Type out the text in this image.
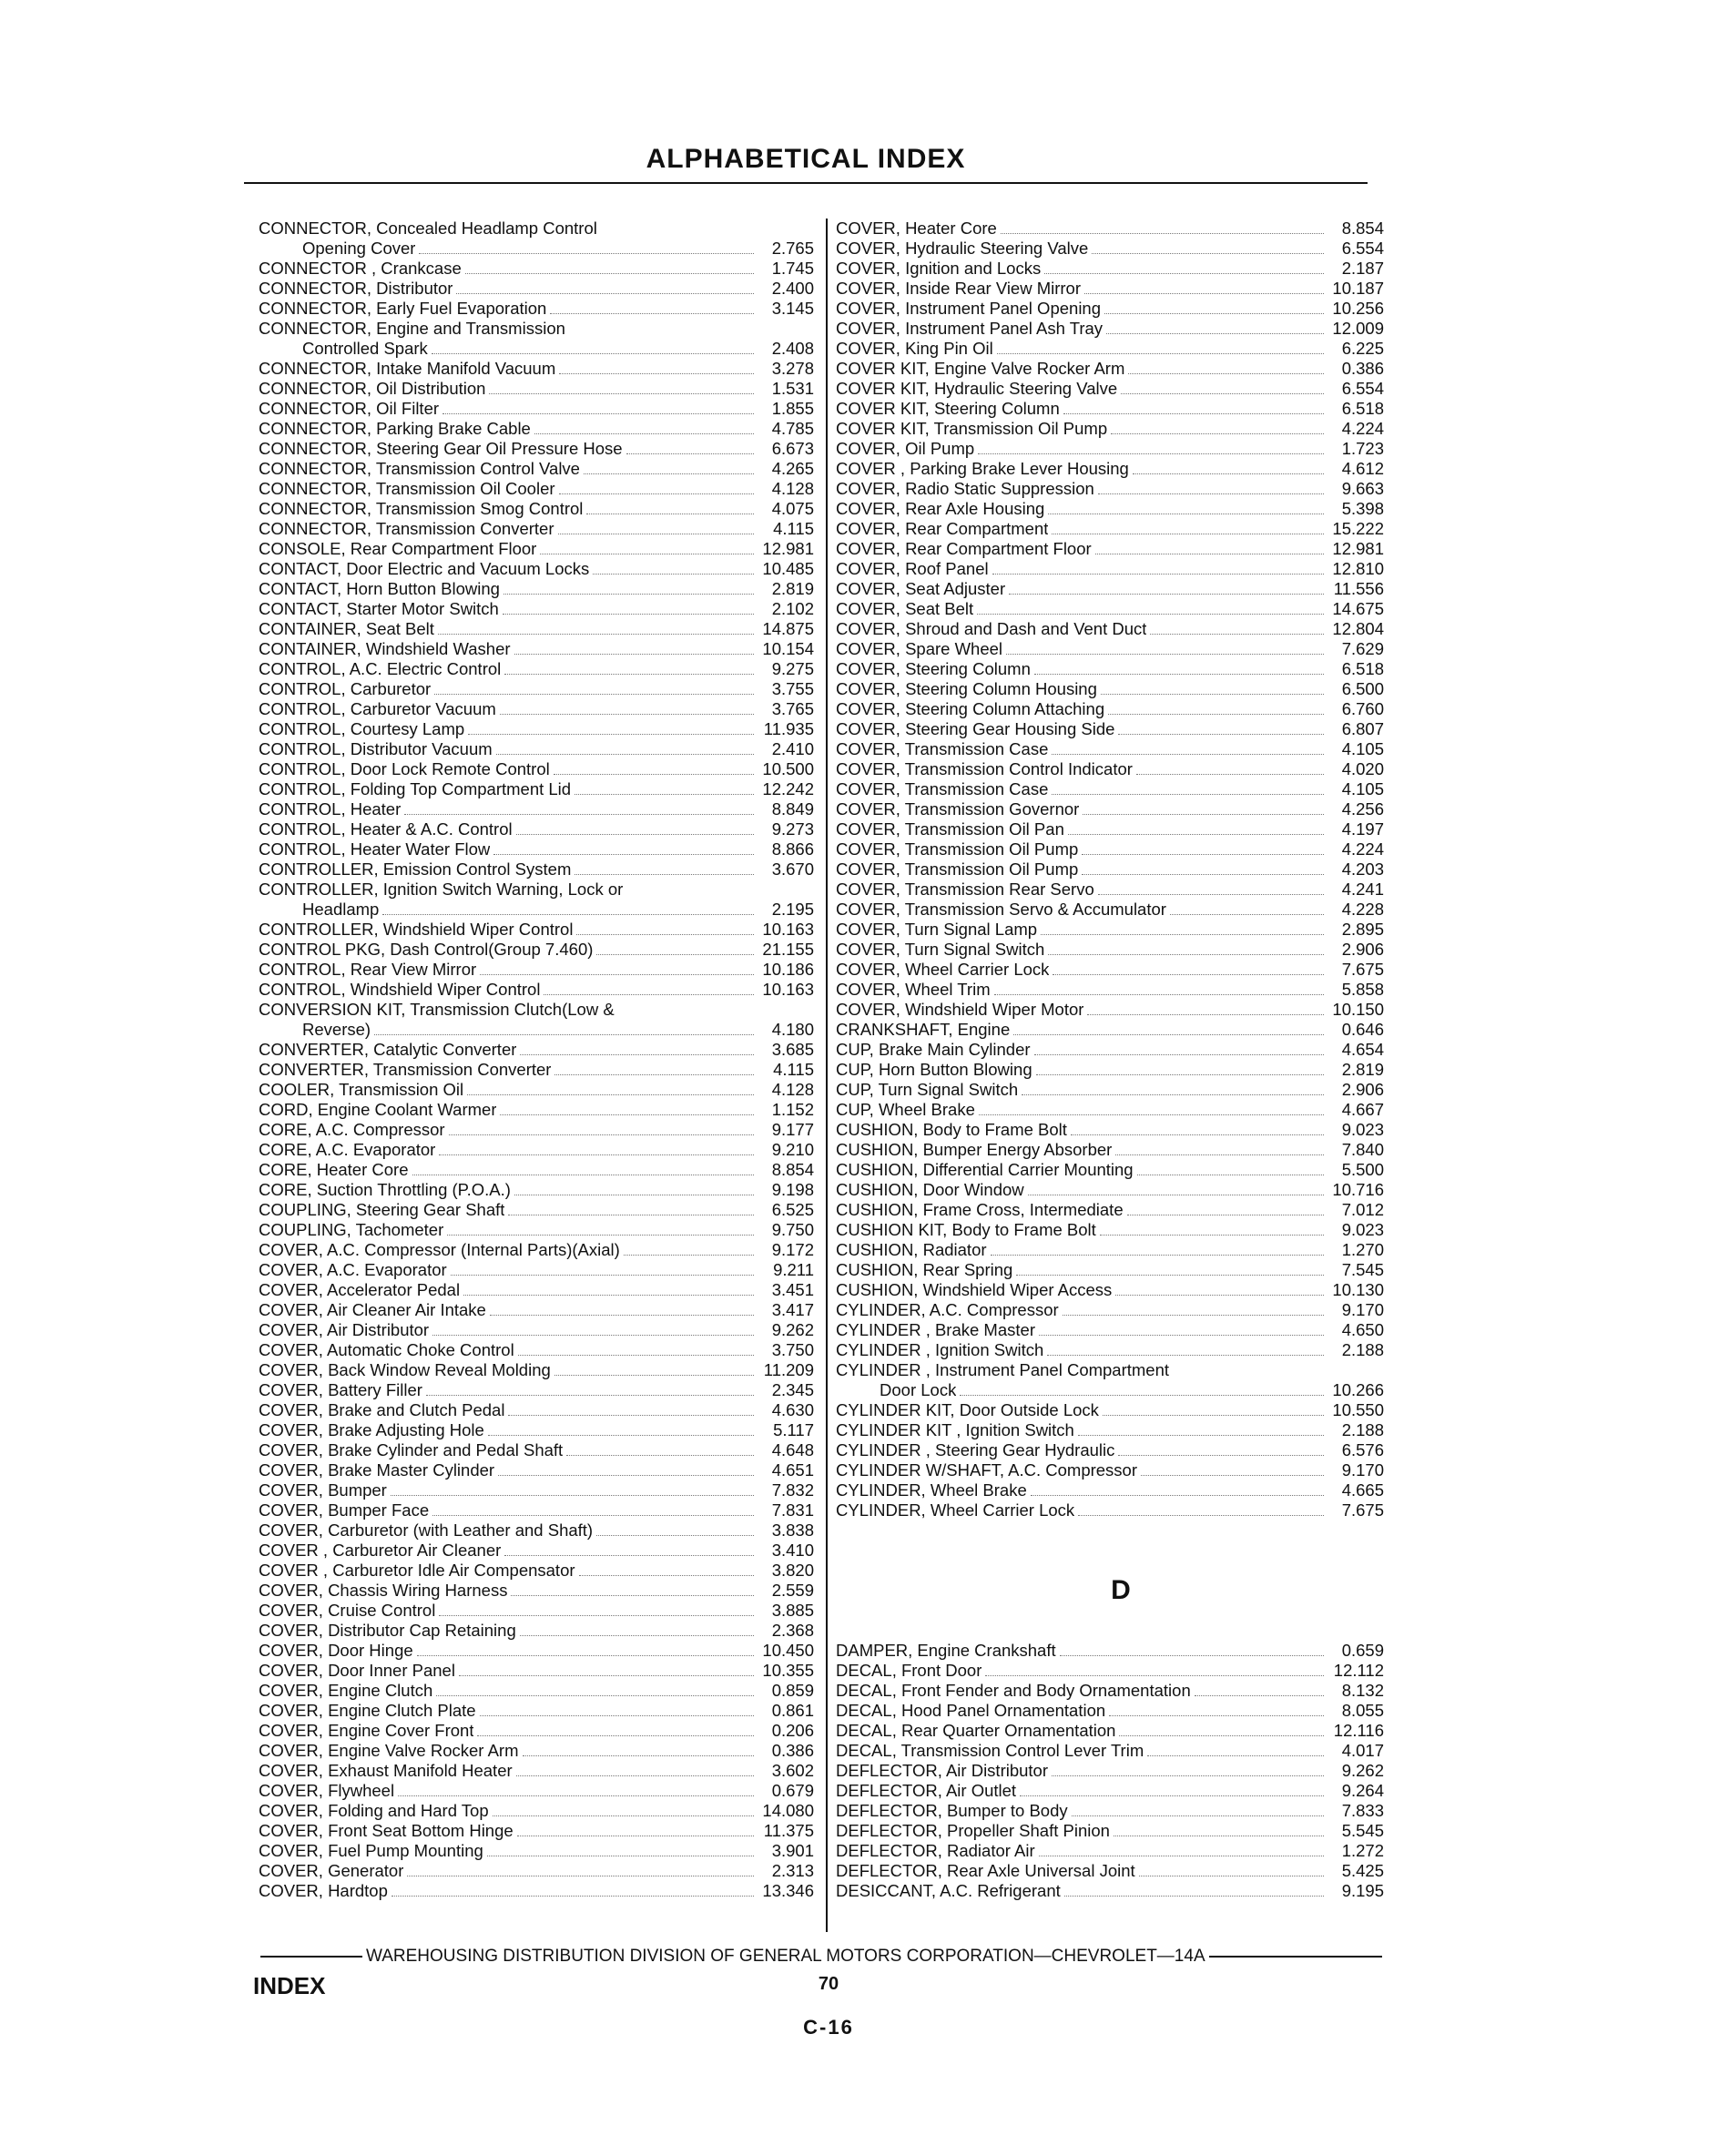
ALPHABETICAL INDEX
CONNECTOR, Concealed Headlamp Control
Opening Cover	2.765
CONNECTOR , Crankcase	1.745
CONNECTOR, Distributor	2.400
CONNECTOR, Early Fuel Evaporation	3.145
CONNECTOR, Engine and Transmission
Controlled Spark	2.408
CONNECTOR, Intake Manifold Vacuum	3.278
CONNECTOR, Oil Distribution	1.531
CONNECTOR, Oil Filter	1.855
CONNECTOR, Parking Brake Cable	4.785
CONNECTOR, Steering Gear Oil Pressure Hose	6.673
CONNECTOR, Transmission Control Valve	4.265
CONNECTOR, Transmission Oil Cooler	4.128
CONNECTOR, Transmission Smog Control	4.075
CONNECTOR, Transmission Converter	4.115
CONSOLE, Rear Compartment Floor	12.981
CONTACT, Door Electric and Vacuum Locks	10.485
CONTACT, Horn Button Blowing	2.819
CONTACT, Starter Motor Switch	2.102
CONTAINER, Seat Belt	14.875
CONTAINER, Windshield Washer	10.154
CONTROL, A.C. Electric Control	9.275
CONTROL, Carburetor	3.755
CONTROL, Carburetor Vacuum	3.765
CONTROL, Courtesy Lamp	11.935
CONTROL, Distributor Vacuum	2.410
CONTROL, Door Lock Remote Control	10.500
CONTROL, Folding Top Compartment Lid	12.242
CONTROL, Heater	8.849
CONTROL, Heater & A.C. Control	9.273
CONTROL, Heater Water Flow	8.866
CONTROLLER, Emission Control System	3.670
CONTROLLER, Ignition Switch Warning, Lock or
Headlamp	2.195
CONTROLLER, Windshield Wiper Control	10.163
CONTROL PKG, Dash Control(Group 7.460)	21.155
CONTROL, Rear View Mirror	10.186
CONTROL, Windshield Wiper Control	10.163
CONVERSION KIT, Transmission Clutch(Low &
Reverse)	4.180
CONVERTER, Catalytic Converter	3.685
CONVERTER, Transmission Converter	4.115
COOLER, Transmission Oil	4.128
CORD, Engine Coolant Warmer	1.152
CORE, A.C. Compressor	9.177
CORE, A.C. Evaporator	9.210
CORE, Heater Core	8.854
CORE, Suction Throttling (P.O.A.)	9.198
COUPLING, Steering Gear Shaft	6.525
COUPLING, Tachometer	9.750
COVER, A.C. Compressor (Internal Parts)(Axial)	9.172
COVER, A.C. Evaporator	9.211
COVER, Accelerator Pedal	3.451
COVER, Air Cleaner Air Intake	3.417
COVER, Air Distributor	9.262
COVER, Automatic Choke Control	3.750
COVER, Back Window Reveal Molding	11.209
COVER, Battery Filler	2.345
COVER, Brake and Clutch Pedal	4.630
COVER, Brake Adjusting Hole	5.117
COVER, Brake Cylinder and Pedal Shaft	4.648
COVER, Brake Master Cylinder	4.651
COVER, Bumper	7.832
COVER, Bumper Face	7.831
COVER, Carburetor (with Leather and Shaft)	3.838
COVER , Carburetor Air Cleaner	3.410
COVER , Carburetor Idle Air Compensator	3.820
COVER, Chassis Wiring Harness	2.559
COVER, Cruise Control	3.885
COVER, Distributor Cap Retaining	2.368
COVER, Door Hinge	10.450
COVER, Door Inner Panel	10.355
COVER, Engine Clutch	0.859
COVER, Engine Clutch Plate	0.861
COVER, Engine Cover Front	0.206
COVER, Engine Valve Rocker Arm	0.386
COVER, Exhaust Manifold Heater	3.602
COVER, Flywheel	0.679
COVER, Folding and Hard Top	14.080
COVER, Front Seat Bottom Hinge	11.375
COVER, Fuel Pump Mounting	3.901
COVER, Generator	2.313
COVER, Hardtop	13.346
COVER, Heater Core	8.854
COVER, Hydraulic Steering Valve	6.554
COVER, Ignition and Locks	2.187
COVER, Inside Rear View Mirror	10.187
COVER, Instrument Panel Opening	10.256
COVER, Instrument Panel Ash Tray	12.009
COVER, King Pin Oil	6.225
COVER KIT, Engine Valve Rocker Arm	0.386
COVER KIT, Hydraulic Steering Valve	6.554
COVER KIT, Steering Column	6.518
COVER KIT, Transmission Oil Pump	4.224
COVER, Oil Pump	1.723
COVER , Parking Brake Lever Housing	4.612
COVER, Radio Static Suppression	9.663
COVER, Rear Axle Housing	5.398
COVER, Rear Compartment	15.222
COVER, Rear Compartment Floor	12.981
COVER, Roof Panel	12.810
COVER, Seat Adjuster	11.556
COVER, Seat Belt	14.675
COVER, Shroud and Dash and Vent Duct	12.804
COVER, Spare Wheel	7.629
COVER, Steering Column	6.518
COVER, Steering Column Housing	6.500
COVER, Steering Column Attaching	6.760
COVER, Steering Gear Housing Side	6.807
COVER, Transmission Case	4.105
COVER, Transmission Control Indicator	4.020
COVER, Transmission Case	4.105
COVER, Transmission Governor	4.256
COVER, Transmission Oil Pan	4.197
COVER, Transmission Oil Pump	4.224
COVER, Transmission Oil Pump	4.203
COVER, Transmission Rear Servo	4.241
COVER, Transmission Servo & Accumulator	4.228
COVER, Turn Signal Lamp	2.895
COVER, Turn Signal Switch	2.906
COVER, Wheel Carrier Lock	7.675
COVER, Wheel Trim	5.858
COVER, Windshield Wiper Motor	10.150
CRANKSHAFT, Engine	0.646
CUP, Brake Main Cylinder	4.654
CUP, Horn Button Blowing	2.819
CUP, Turn Signal Switch	2.906
CUP, Wheel Brake	4.667
CUSHION, Body to Frame Bolt	9.023
CUSHION, Bumper Energy Absorber	7.840
CUSHION, Differential Carrier Mounting	5.500
CUSHION, Door Window	10.716
CUSHION, Frame Cross, Intermediate	7.012
CUSHION KIT, Body to Frame Bolt	9.023
CUSHION, Radiator	1.270
CUSHION, Rear Spring	7.545
CUSHION, Windshield Wiper Access	10.130
CYLINDER, A.C. Compressor	9.170
CYLINDER , Brake Master	4.650
CYLINDER , Ignition Switch	2.188
CYLINDER , Instrument Panel Compartment
Door Lock	10.266
CYLINDER KIT, Door Outside Lock	10.550
CYLINDER KIT , Ignition Switch	2.188
CYLINDER , Steering Gear Hydraulic	6.576
CYLINDER W/SHAFT, A.C. Compressor	9.170
CYLINDER, Wheel Brake	4.665
CYLINDER, Wheel Carrier Lock	7.675
D
DAMPER, Engine Crankshaft	0.659
DECAL, Front Door	12.112
DECAL, Front Fender and Body Ornamentation	8.132
DECAL, Hood Panel Ornamentation	8.055
DECAL, Rear Quarter Ornamentation	12.116
DECAL, Transmission Control Lever Trim	4.017
DEFLECTOR, Air Distributor	9.262
DEFLECTOR, Air Outlet	9.264
DEFLECTOR, Bumper to Body	7.833
DEFLECTOR, Propeller Shaft Pinion	5.545
DEFLECTOR, Radiator Air	1.272
DEFLECTOR, Rear Axle Universal Joint	5.425
DESICCANT, A.C. Refrigerant	9.195
WAREHOUSING DISTRIBUTION DIVISION OF GENERAL MOTORS CORPORATION—CHEVROLET—14A
INDEX	70
C-16
